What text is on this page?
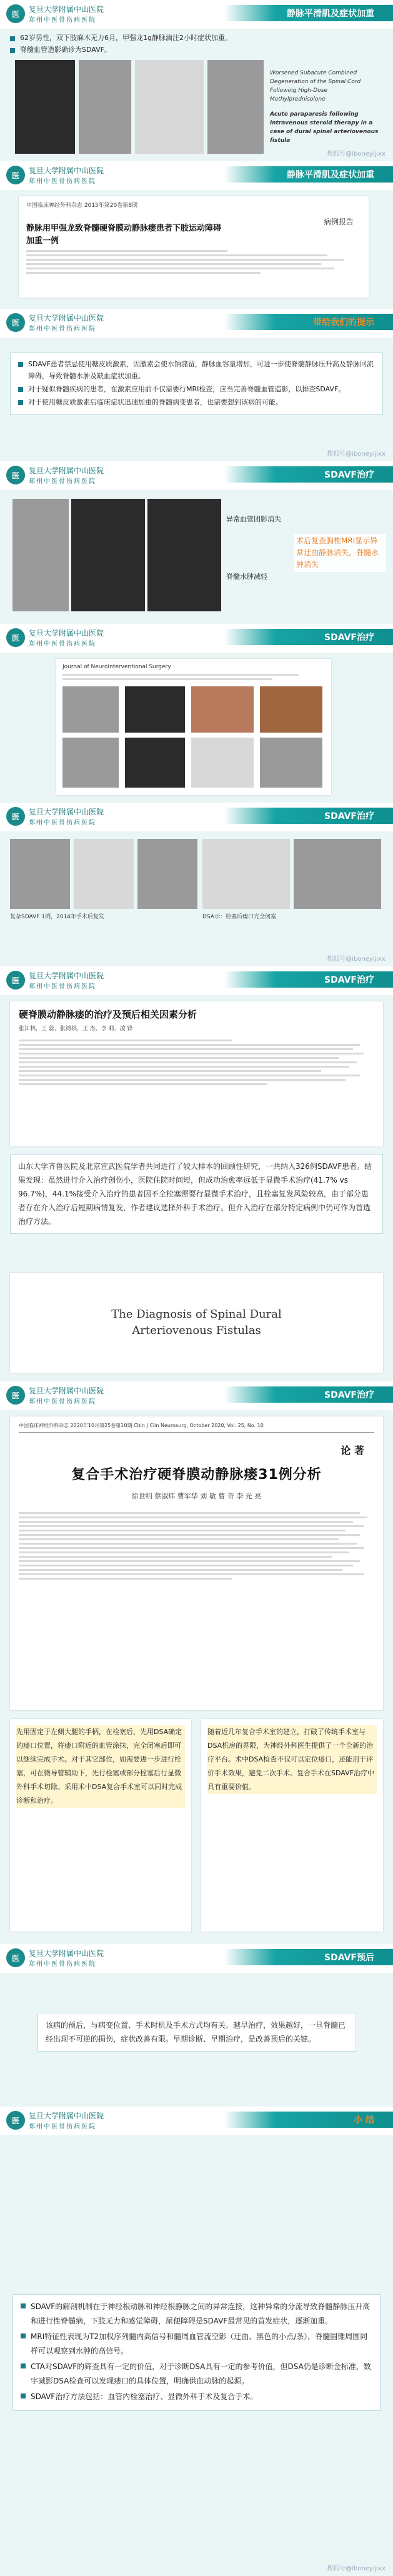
医
复旦大学附属中山医院
郑州中医骨伤病医院
静脉平滑肌及症状加重
62岁男性，双下肢麻木无力6月，甲强龙1g静脉滴注2小时症状加重。
脊髓血管造影确诊为SDAVF。
Worsened Subacute Combined Degeneration of the Spinal Cord Following High-Dose Methylprednisolone
Acute paraparesis following intravenous steroid therapy in a case of dural spinal arteriovenous fistula
搜狐号@iboneyijixx
医
复旦大学附属中山医院
郑州中医骨伤病医院
静脉平滑肌及症状加重
中国临床神经外科杂志 2015年第20卷第8期
病例报告
静脉用甲强龙致脊髓硬脊膜动静脉瘘患者下肢运动障碍加重一例
医
复旦大学附属中山医院
郑州中医骨伤病医院
带给我们的提示
SDAVF患者禁忌使用糖皮质激素，因激素会使水钠潴留，静脉血容量增加，可进一步使脊髓静脉压升高及静脉回流障碍，导致脊髓水肿及缺血症状加重。
对于疑似脊髓疾病的患者，在激素应用前不仅需要行MRI检查，应当完善脊髓血管造影，以排查SDAVF。
对于使用糖皮质激素后临床症状迅速加重的脊髓病变患者，也需要想到该病的可能。
搜狐号@iboneyijixx
医
复旦大学附属中山医院
郑州中医骨伤病医院
SDAVF治疗
异常血管团影消失
脊髓水肿减轻
术后复查胸椎MRI显示异常迂曲静脉消失，脊髓水肿消失
医
复旦大学附属中山医院
郑州中医骨伤病医院
SDAVF治疗
Journal of NeuroInterventional Surgery
医
复旦大学附属中山医院
郑州中医骨伤病医院
SDAVF治疗
复杂SDAVF 1例，2014年手术后复发	DSA示：栓塞后瘘口完全闭塞
搜狐号@iboneyijixx
医
复旦大学附属中山医院
郑州中医骨伤病医院
SDAVF治疗
硬脊膜动静脉瘘的治疗及预后相关因素分析
张江林，王 蕊，张鸿祺，王 杰，李 莉，凌 锋
山东大学齐鲁医院及北京宣武医院学者共同进行了较大样本的回顾性研究，一共纳入326例SDAVF患者。结果发现：虽然进行介入治疗创伤小，医院住院时间短，但成功治愈率远低于显微手术治疗(41.7% vs 96.7%)，44.1%接受介入治疗的患者因不全栓塞需要行显微手术治疗，且栓塞复发风险较高，由于部分患者存在介入治疗后短期病情复发，作者建议选择外科手术治疗。但介入治疗在部分特定病例中仍可作为首选治疗方法。
The Diagnosis of Spinal Dural Arteriovenous Fistulas
医
复旦大学附属中山医院
郑州中医骨伤病医院
SDAVF治疗
中国临床神经外科杂志 2020年10月第25卷第10期 Chin J Clin Neurosurg, October 2020, Vol. 25, No. 10
论 著
复合手术治疗硬脊膜动静脉瘘31例分析
徐世明 蔡淑炜 曹军华 刘 敏 曹 奇 李 光 亮
先用固定于左侧大腿的手柄，在栓塞后，先用DSA确定的瘘口位置，将瘘口附近的血管涂抹，完全闭塞后即可以继续完成手术。对于其它部位，如需要进一步进行栓塞，可在微导管辅助下，先行栓塞或部分栓塞后行显微外科手术切除。采用术中DSA复合手术室可以同时完成诊断和治疗。
随着近几年复合手术室的建立，打破了传统手术室与DSA机房的界限，为神经外科医生提供了一个全新的治疗平台。术中DSA检查不仅可以定位瘘口，还能用于评价手术效果，避免二次手术。复合手术在SDAVF治疗中具有重要价值。
医
复旦大学附属中山医院
郑州中医骨伤病医院
SDAVF预后
该病的预后，与病变位置、手术时机及手术方式均有关。越早治疗，效果越好，一旦脊髓已经出现不可逆的损伤，症状改善有限。早期诊断、早期治疗，是改善预后的关键。
医
复旦大学附属中山医院
郑州中医骨伤病医院
小 结
SDAVF的解剖机制在于神经根动脉和神经根静脉之间的异常连接，这种异常的分流导致脊髓静脉压升高和进行性脊髓病，下肢无力和感觉障碍，尿便障碍是SDAVF最常见的首发症状，逐渐加重。
MRI特征性表现为T2加权序列髓内高信号和髓周血管流空影（迂曲、黑色的小点/条），脊髓圆锥周围同样可以观察到水肿的高信号。
CTA对SDAVF的筛查具有一定的价值，对于诊断DSA具有一定的参考价值，但DSA仍是诊断金标准，数字减影DSA检查可以发现瘘口的具体位置，明确供血动脉的起源。
SDAVF治疗方法包括：血管内栓塞治疗、显微外科手术及复合手术。
搜狐号@iboneyijixx
